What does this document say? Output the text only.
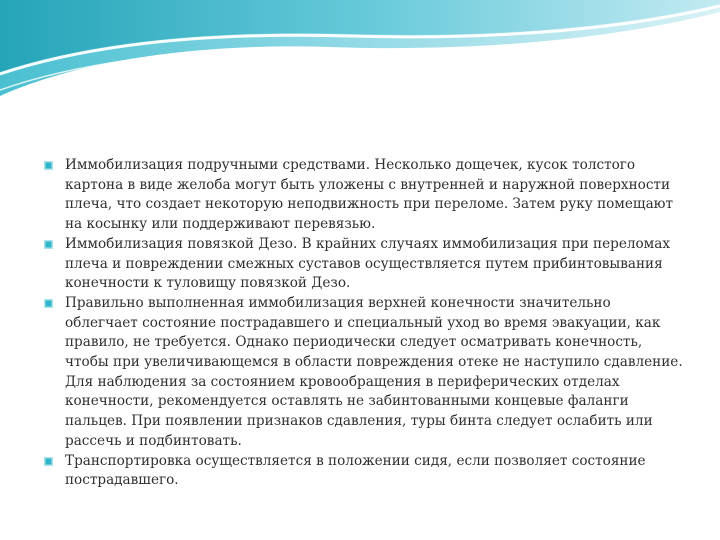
Иммобилизация подручными средствами. Несколько дощечек, кусок толстого картона в виде желоба могут быть уложены с внутренней и наружной поверхности плеча, что создает некоторую неподвижность при переломе. Затем руку помещают на косынку или поддерживают перевязью.
Иммобилизация повязкой Дезо. В крайних случаях иммобилизация при переломах плеча и повреждении смежных суставов осуществляется путем прибинтовывания конечности к туловищу повязкой Дезо.
Правильно выполненная иммобилизация верхней конечности значительно облегчает состояние пострадавшего и специальный уход во время эвакуации, как правило, не требуется. Однако периодически следует осматривать конечность, чтобы при увеличивающемся в области повреждения отеке не наступило сдавление. Для наблюдения за состоянием кровообращения в периферических отделах конечности, рекомендуется оставлять не забинтованными концевые фаланги пальцев. При появлении признаков сдавления, туры бинта следует ослабить или рассечь и подбинтовать.
Транспортировка осуществляется в положении сидя, если позволяет состояние пострадавшего.
